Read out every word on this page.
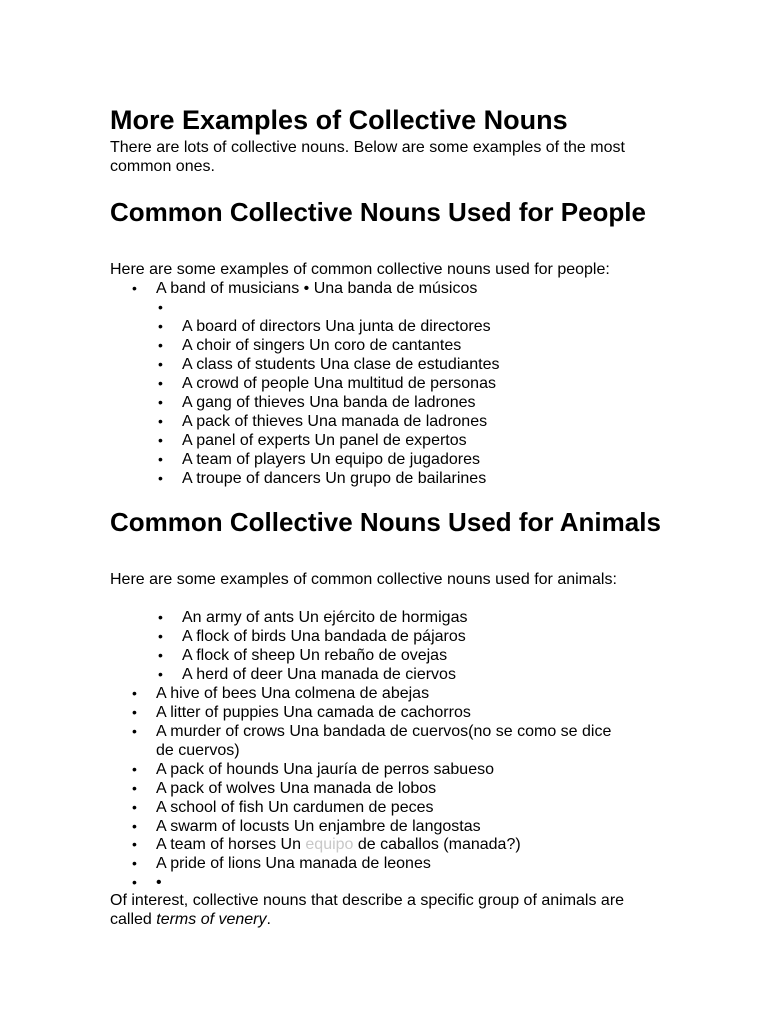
More Examples of Collective Nouns

There are lots of collective nouns. Below are some examples of the most common ones.

Common Collective Nouns Used for People

Here are some examples of common collective nouns used for people:

• A band of musicians • Una banda de músicos
•
• A board of directors Una junta de directores
• A choir of singers Un coro de cantantes
• A class of students Una clase de estudiantes
• A crowd of people Una multitud de personas
• A gang of thieves Una banda de ladrones
• A pack of thieves Una manada de ladrones
• A panel of experts Un panel de expertos
• A team of players Un equipo de jugadores
• A troupe of dancers Un grupo de bailarines
Common Collective Nouns Used for Animals

Here are some examples of common collective nouns used for animals:

• An army of ants Un ejército de hormigas
• A flock of birds Una bandada de pájaros
• A flock of sheep Un rebaño de ovejas
• A herd of deer Una manada de ciervos
• A hive of bees Una colmena de abejas
• A litter of puppies Una camada de cachorros
• A murder of crows Una bandada de cuervos(no se como se dice de cuervos)
• A pack of hounds Una jauría de perros sabueso
• A pack of wolves Una manada de lobos
• A school of fish Un cardumen de peces
• A swarm of locusts Un enjambre de langostas
• A team of horses Un equipo de caballos (manada?)
• A pride of lions Una manada de leones
• •

Of interest, collective nouns that describe a specific group of animals are called terms of venery.
